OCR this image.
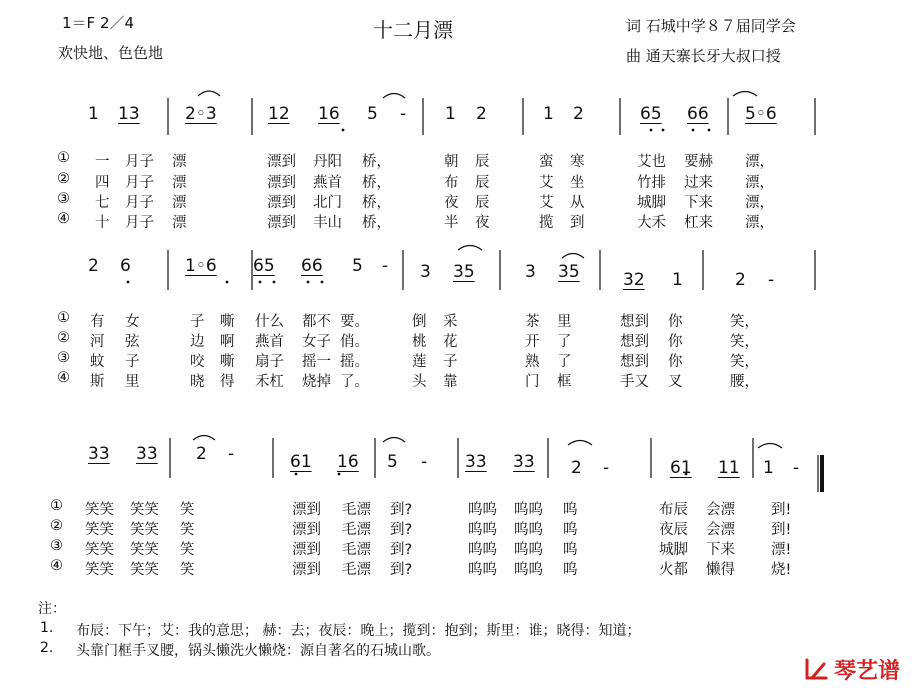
1＝F 2／4
欢快地、色色地
十二月漂	词 石城中学８７届同学会
曲 通天寨长牙大叔口授
1 13	2◦3	12 16 5 - 1 2	1 2	65 66 5◦6
① 一 月子 漂	漂到 丹阳 桥，	朝 辰	蛮 寒	艾也 要赫 漂，
② 四 月子 漂	漂到 燕首 桥，	布 辰	艾 坐	竹排 过来 漂，
③ 七 月子 漂	漂到 北门 桥，	夜 辰	艾 从	城脚 下来 漂，
④ 十 月子 漂	漂到 丰山 桥，	半 夜	揽 到	大禾 杠来 漂，
2 6	1◦6 65 66 5 - 3 35	3 35	32 1	2 -
① 有 女	子 嘶 什么 都不 要。	倒 采	茶 里	想到 你	笑，
② 河 弦	边 啊 燕首 女子 俏。	桃 花	开 了	想到 你	笑，
③ 蚊 子	咬 嘶 扇子 摇一 摇。	莲 子	熟 了	想到 你	笑，
④ 斯 里	晓 得 禾杠 烧掉 了。	头 靠	门 框	手又 叉	腰，
33 33 2 -	61 16 5 - 33 33 2 -	61 11 1 -
① 笑笑 笑笑 笑	漂到 毛漂 到?	呜呜 呜呜 呜	布辰 会漂 到!
② 笑笑 笑笑 笑	漂到 毛漂 到?	呜呜 呜呜 呜	夜辰 会漂 到!
③ 笑笑 笑笑 笑	漂到 毛漂 到?	呜呜 呜呜 呜	城脚 下来 漂!
④ 笑笑 笑笑 笑	漂到 毛漂 到?	呜呜 呜呜 呜	火都 懒得 烧!
注：
1. 布辰：下午；艾：我的意思； 赫：去；夜辰：晚上；揽到：抱到；斯里：谁；晓得：知道；
2. 头靠门框手叉腰，锅头懒洗火懒烧：源自著名的石城山歌。
琴艺谱
